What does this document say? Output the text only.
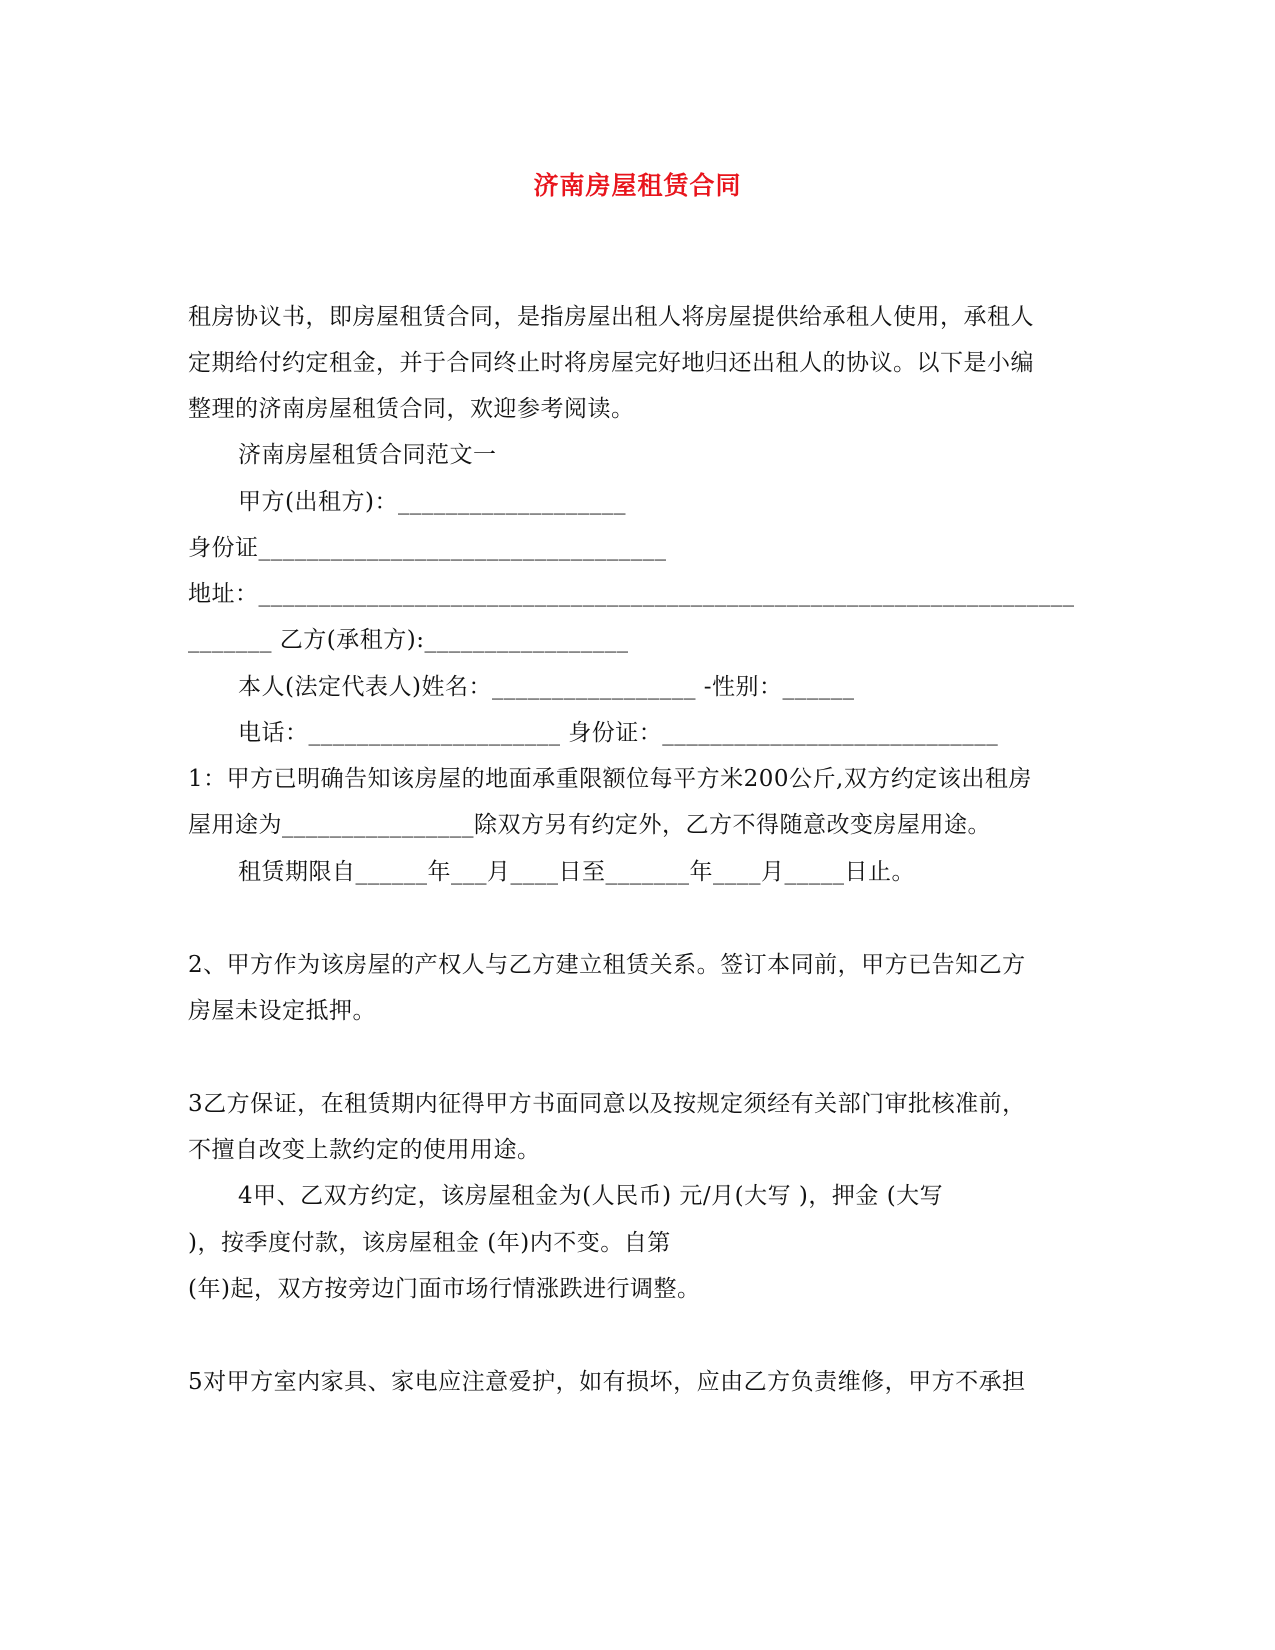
济南房屋租赁合同
租房协议书，即房屋租赁合同，是指房屋出租人将房屋提供给承租人使用，承租人
定期给付约定租金，并于合同终止时将房屋完好地归还出租人的协议。以下是小编
整理的济南房屋租赁合同，欢迎参考阅读。
济南房屋租赁合同范文一
甲方(出租方)：___________________
身份证__________________________________
地址：____________________________________________________________________
_______ 乙方(承租方):_________________
本人(法定代表人)姓名：_________________ -性别：______
电话：_____________________ 身份证：____________________________
1：甲方已明确告知该房屋的地面承重限额位每平方米200公斤,双方约定该出租房
屋用途为________________除双方另有约定外，乙方不得随意改变房屋用途。
租赁期限自______年___月____日至_______年____月_____日止。
2、甲方作为该房屋的产权人与乙方建立租赁关系。签订本同前，甲方已告知乙方
房屋未设定抵押。
3乙方保证，在租赁期内征得甲方书面同意以及按规定须经有关部门审批核准前，
不擅自改变上款约定的使用用途。
4甲、乙双方约定，该房屋租金为(人民币) 元/月(大写 )，押金 (大写
)，按季度付款，该房屋租金 (年)内不变。自第
(年)起，双方按旁边门面市场行情涨跌进行调整。
5对甲方室内家具、家电应注意爱护，如有损坏，应由乙方负责维修，甲方不承担
